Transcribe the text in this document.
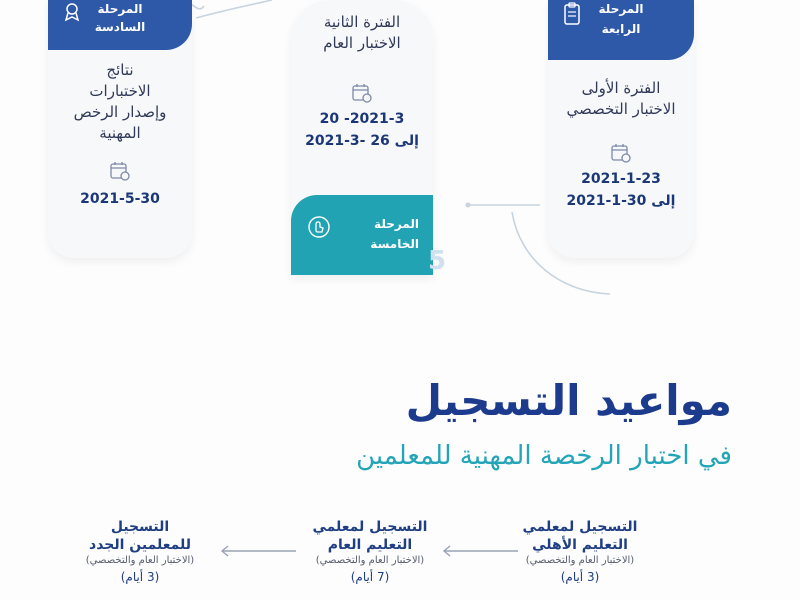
المرحلة
السادسة
نتائج
الاختبارات
وإصدار الرخص
المهنية
2021-5-30
الفترة الثانية
الاختبار العام
2021-3- 20
إلى 26 -3-2021
المرحلة
الخامسة
5
المرحلة
الرابعة
الفترة الأولى
الاختبار التخصصي
2021-1-23
إلى 30-1-2021
مواعيد التسجيل
في اختبار الرخصة المهنية للمعلمين
التسجيل لمعلمي
التعليم الأهلي
(الاختبار العام والتخصصي)
(3 أيام)
التسجيل لمعلمي
التعليم العام
(الاختبار العام والتخصصي)
(7 أيام)
التسجيل
للمعلمين الجدد
(الاختبار العام والتخصصي)
(3 أيام)
